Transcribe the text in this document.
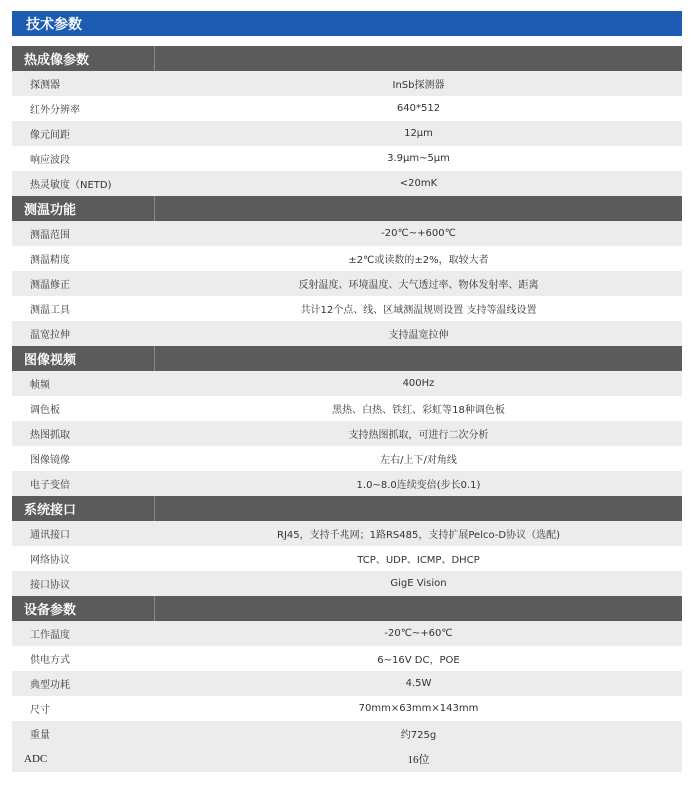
技术参数
热成像参数
探测器	InSb探测器
红外分辨率	640*512
像元间距	12μm
响应波段	3.9μm~5μm
热灵敏度（NETD)	<20mK
测温功能
测温范围	-20℃~+600℃
测温精度	±2℃或读数的±2%，取较大者
测温修正	反射温度、环境温度、大气透过率、物体发射率、距离
测温工具	共计12个点、线、区域测温规则设置 支持等温线设置
温宽拉伸	支持温宽拉伸
图像视频
帧频	400Hz
调色板	黑热、白热、铁红、彩虹等18种调色板
热图抓取	支持热图抓取，可进行二次分析
图像镜像	左右/上下/对角线
电子变倍	1.0~8.0连续变倍(步长0.1)
系统接口
通讯接口	RJ45，支持千兆网；1路RS485，支持扩展Pelco-D协议（选配)
网络协议	TCP、UDP、ICMP、DHCP
接口协议	GigE Vision
设备参数
工作温度	-20℃~+60℃
供电方式	6~16V DC，POE
典型功耗	4.5W
尺寸	70mm×63mm×143mm
重量	约725g
ADC	16位
